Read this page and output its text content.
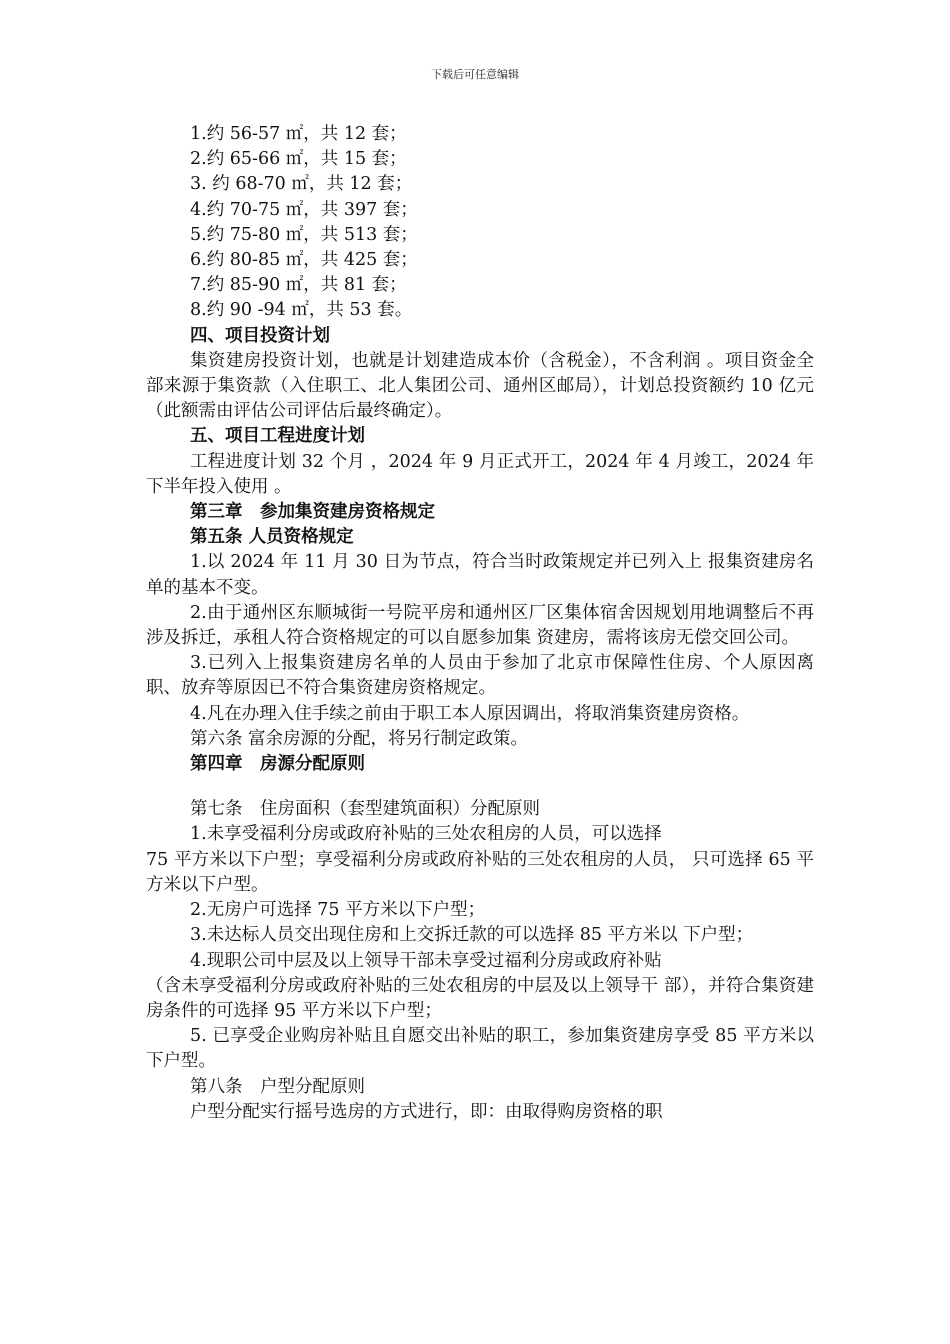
下载后可任意编辑

1.约 56-57 ㎡，共 12 套；

2.约 65-66 ㎡，共 15 套；

3. 约 68-70 ㎡，共 12 套；

4.约 70-75 ㎡，共 397 套；

5.约 75-80 ㎡，共 513 套；

6.约 80-85 ㎡，共 425 套；

7.约 85-90 ㎡，共 81 套；

8.约 90 -94 ㎡，共 53 套。

四、项目投资计划

集资建房投资计划，也就是计划建造成本价（含税金），不含利润 。项目资金全部来源于集资款（入住职工、北人集团公司、通州区邮局），计划总投资额约 10 亿元（此额需由评估公司评估后最终确定）。

五、项目工程进度计划

工程进度计划 32 个月 ，2024 年 9 月正式开工，2024 年 4 月竣工，2024 年下半年投入使用 。

第三章　参加集资建房资格规定

第五条 人员资格规定

1.以 2024 年 11 月 30 日为节点，符合当时政策规定并已列入上 报集资建房名单的基本不变。

2.由于通州区东顺城街一号院平房和通州区厂区集体宿舍因规划用地调整后不再涉及拆迁，承租人符合资格规定的可以自愿参加集 资建房，需将该房无偿交回公司。

3.已列入上报集资建房名单的人员由于参加了北京市保障性住房、个人原因离职、放弃等原因已不符合集资建房资格规定。

4.凡在办理入住手续之前由于职工本人原因调出，将取消集资建房资格。

第六条 富余房源的分配，将另行制定政策。

第四章　房源分配原则

第七条　住房面积（套型建筑面积）分配原则

1.未享受福利分房或政府补贴的三处农租房的人员，可以选择

75 平方米以下户型；享受福利分房或政府补贴的三处农租房的人员， 只可选择 65 平方米以下户型。

2.无房户可选择 75 平方米以下户型；

3.未达标人员交出现住房和上交拆迁款的可以选择 85 平方米以 下户型；

4.现职公司中层及以上领导干部未享受过福利分房或政府补贴

（含未享受福利分房或政府补贴的三处农租房的中层及以上领导干 部），并符合集资建房条件的可选择 95 平方米以下户型；

5. 已享受企业购房补贴且自愿交出补贴的职工，参加集资建房享受 85 平方米以下户型。

第八条　户型分配原则

户型分配实行摇号选房的方式进行，即：由取得购房资格的职
